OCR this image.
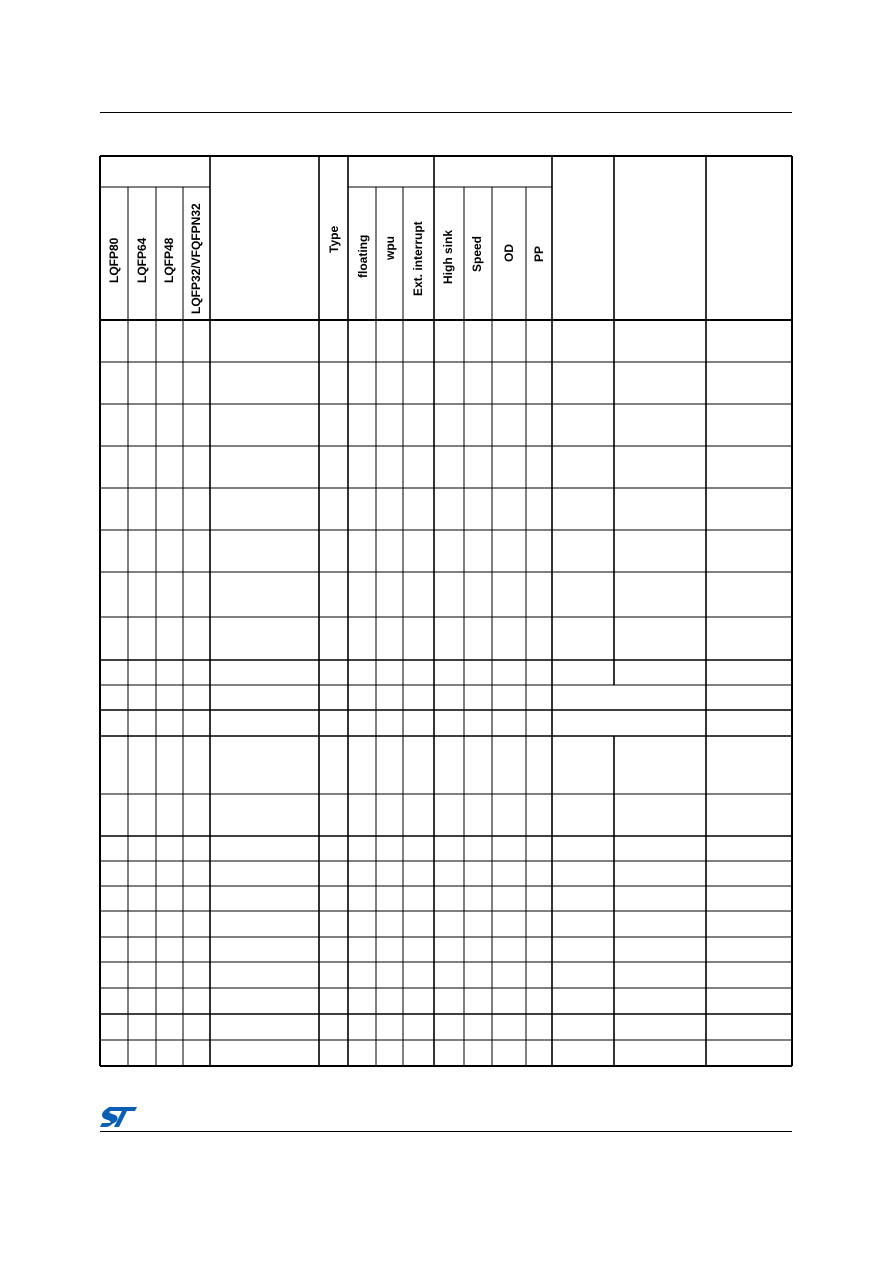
LQFP80 LQFP64 LQFP48 LQFP32/VFQFPN32	Type floating wpu Ext. interrupt High sink Speed OD PP
